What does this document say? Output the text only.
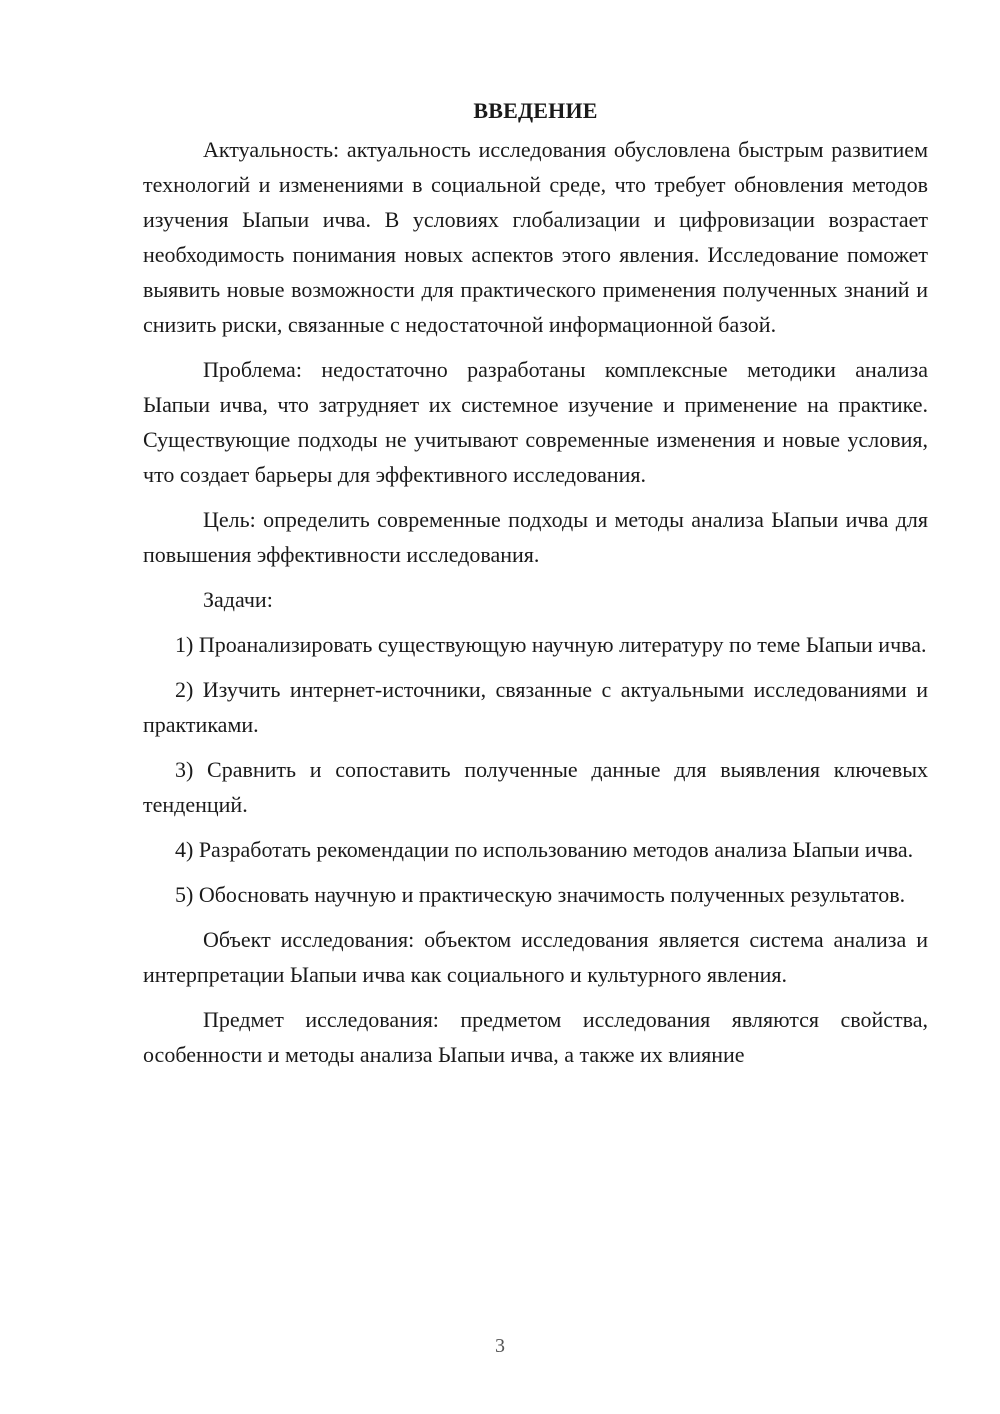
ВВЕДЕНИЕ

Актуальность: актуальность исследования обусловлена быстрым развитием технологий и изменениями в социальной среде, что требует обновления методов изучения Ыапыи ичва. В условиях глобализации и цифровизации возрастает необходимость понимания новых аспектов этого явления. Исследование поможет выявить новые возможности для практического применения полученных знаний и снизить риски, связанные с недостаточной информационной базой.

Проблема: недостаточно разработаны комплексные методики анализа Ыапыи ичва, что затрудняет их системное изучение и применение на практике. Существующие подходы не учитывают современные изменения и новые условия, что создает барьеры для эффективного исследования.

Цель: определить современные подходы и методы анализа Ыапыи ичва для повышения эффективности исследования.

Задачи:

1) Проанализировать существующую научную литературу по теме Ыапыи ичва.

2) Изучить интернет-источники, связанные с актуальными исследованиями и практиками.

3) Сравнить и сопоставить полученные данные для выявления ключевых тенденций.

4) Разработать рекомендации по использованию методов анализа Ыапыи ичва.

5) Обосновать научную и практическую значимость полученных результатов.

Объект исследования: объектом исследования является система анализа и интерпретации Ыапыи ичва как социального и культурного явления.

Предмет исследования: предметом исследования являются свойства, особенности и методы анализа Ыапыи ичва, а также их влияние

3
